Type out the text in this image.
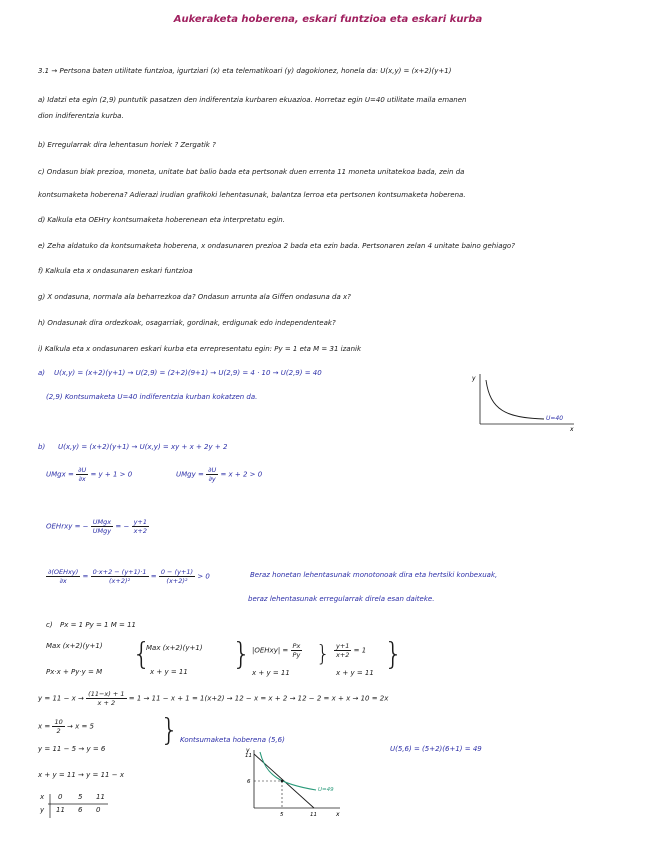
Aukeraketa hoberena, eskari funtzioa eta eskari kurba
3.1 → Pertsona baten utilitate funtzioa, igurtziari (x) eta telematikoari (y) dagokionez, honela da: U(x,y) = (x+2)(y+1)
a) Idatzi eta egin (2,9) puntutik pasatzen den indiferentzia kurbaren ekuazioa. Horretaz egin U=40 utilitate maila emanen
dion indiferentzia kurba.
b) Erregularrak dira lehentasun horiek ? Zergatik ?
c) Ondasun biak prezioa, moneta, unitate bat balio bada eta pertsonak duen errenta 11 moneta unitatekoa bada, zein da
kontsumaketa hoberena? Adierazi irudian grafikoki lehentasunak, balantza lerroa eta pertsonen kontsumaketa hoberena.
d) Kalkula eta OEHry kontsumaketa hoberenean eta interpretatu egin.
e) Zeha aldatuko da kontsumaketa hoberena, x ondasunaren prezioa 2 bada eta ezin bada. Pertsonaren zelan 4 unitate baino gehiago?
f) Kalkula eta x ondasunaren eskari funtzioa
g) X ondasuna, normala ala beharrezkoa da? Ondasun arrunta ala Giffen ondasuna da x?
h) Ondasunak dira ordezkoak, osagarriak, gordinak, erdigunak edo independenteak?
i) Kalkula eta x ondasunaren eskari kurba eta errepresentatu egin: Py = 1 eta M = 31 izanik
a) U(x,y) = (x+2)(y+1) → U(2,9) = (2+2)(9+1) → U(2,9) = 4 · 10 → U(2,9) = 40
(2,9) Kontsumaketa U=40 indiferentzia kurban kokatzen da.
y
x
U=40
b) U(x,y) = (x+2)(y+1) → U(x,y) = xy + x + 2y + 2
UMgx = $\frac{\partial U}{\partial x} = y + 1 > 0$	UMgy = $\frac{\partial U}{\partial y} = x + 2 > 0$
OEHrxy = − $\frac{\text{UMgx}}{\text{UMgy}}$ = − $\frac{y+1}{x+2}$
$\frac{\text{∂(OEHxy)}}{\partial x} = \frac{0\cdot x+2 - (y+1)\cdot 1}{\text{(x+2)²}} = \frac{0 - (y+1)}{\text{(x+2)²}} > 0$	Beraz honetan lehentasunak monotonoak dira eta hertsiki konbexuak,
beraz lehentasunak erregularrak direla esan daiteke.
c) Px = 1 Py = 1 M = 11
Max (x+2)(y+1)
Px·x + Py·y = M {
Max (x+2)(y+1)
x + y = 11 } |OEHxy| = $\frac{Px}{Py}$
x + y = 11
} $\frac{y+1}{x+2} = 1$
x + y = 11
}
$y = 11 - x \to \frac{(11-x) + 1}{x + 2} = 1 \to 11 - x + 1 = 1(x+2) \to 12 - x = x + 2 \to 12 - 2 = x + x \to 10 = 2x$
$x = \frac{10}{2} \to x = 5$
y = 11 − 5 → y = 6
} Kontsumaketa hoberena (5,6)
U(5,6) = (5+2)(6+1) = 49
x + y = 11 → y = 11 − x
x
y
0 5 11
11 6 0
y
x
11
6
5	11
U=49
